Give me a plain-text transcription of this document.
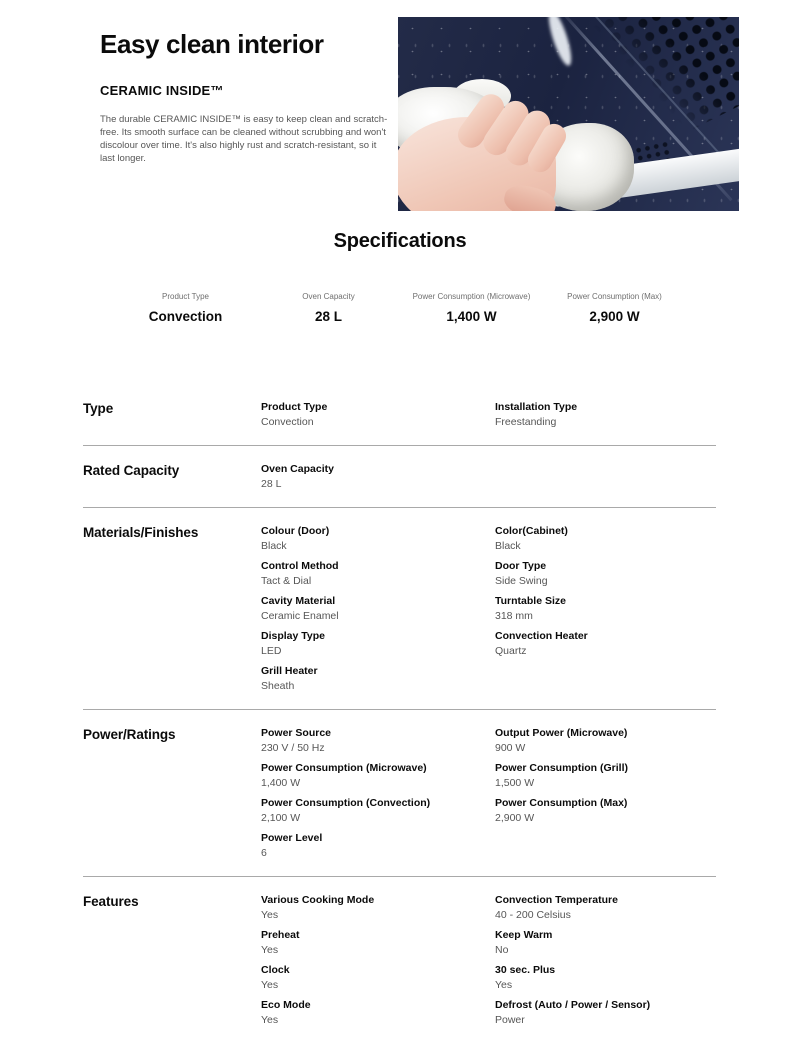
Easy clean interior
CERAMIC INSIDE™
The durable CERAMIC INSIDE™ is easy to keep clean and scratch-free. Its smooth surface can be cleaned without scrubbing and won't discolour over time. It's also highly rust and scratch-resistant, so it last longer.
Specifications
Product Type
Convection
Oven Capacity
28 L
Power Consumption (Microwave)
1,400 W
Power Consumption (Max)
2,900 W
Type	Product Type
Convection
Installation Type
Freestanding
Rated Capacity	Oven Capacity
28 L
Materials/Finishes	Colour (Door)
Black
Color(Cabinet)
Black
Control Method
Tact & Dial
Door Type
Side Swing
Cavity Material
Ceramic Enamel
Turntable Size
318 mm
Display Type
LED
Convection Heater
Quartz
Grill Heater
Sheath
Power/Ratings	Power Source
230 V / 50 Hz
Output Power (Microwave)
900 W
Power Consumption (Microwave)
1,400 W
Power Consumption (Grill)
1,500 W
Power Consumption (Convection)
2,100 W
Power Consumption (Max)
2,900 W
Power Level
6
Features	Various Cooking Mode
Yes
Convection Temperature
40 - 200 Celsius
Preheat
Yes
Keep Warm
No
Clock
Yes
30 sec. Plus
Yes
Eco Mode
Yes
Defrost (Auto / Power / Sensor)
Power
